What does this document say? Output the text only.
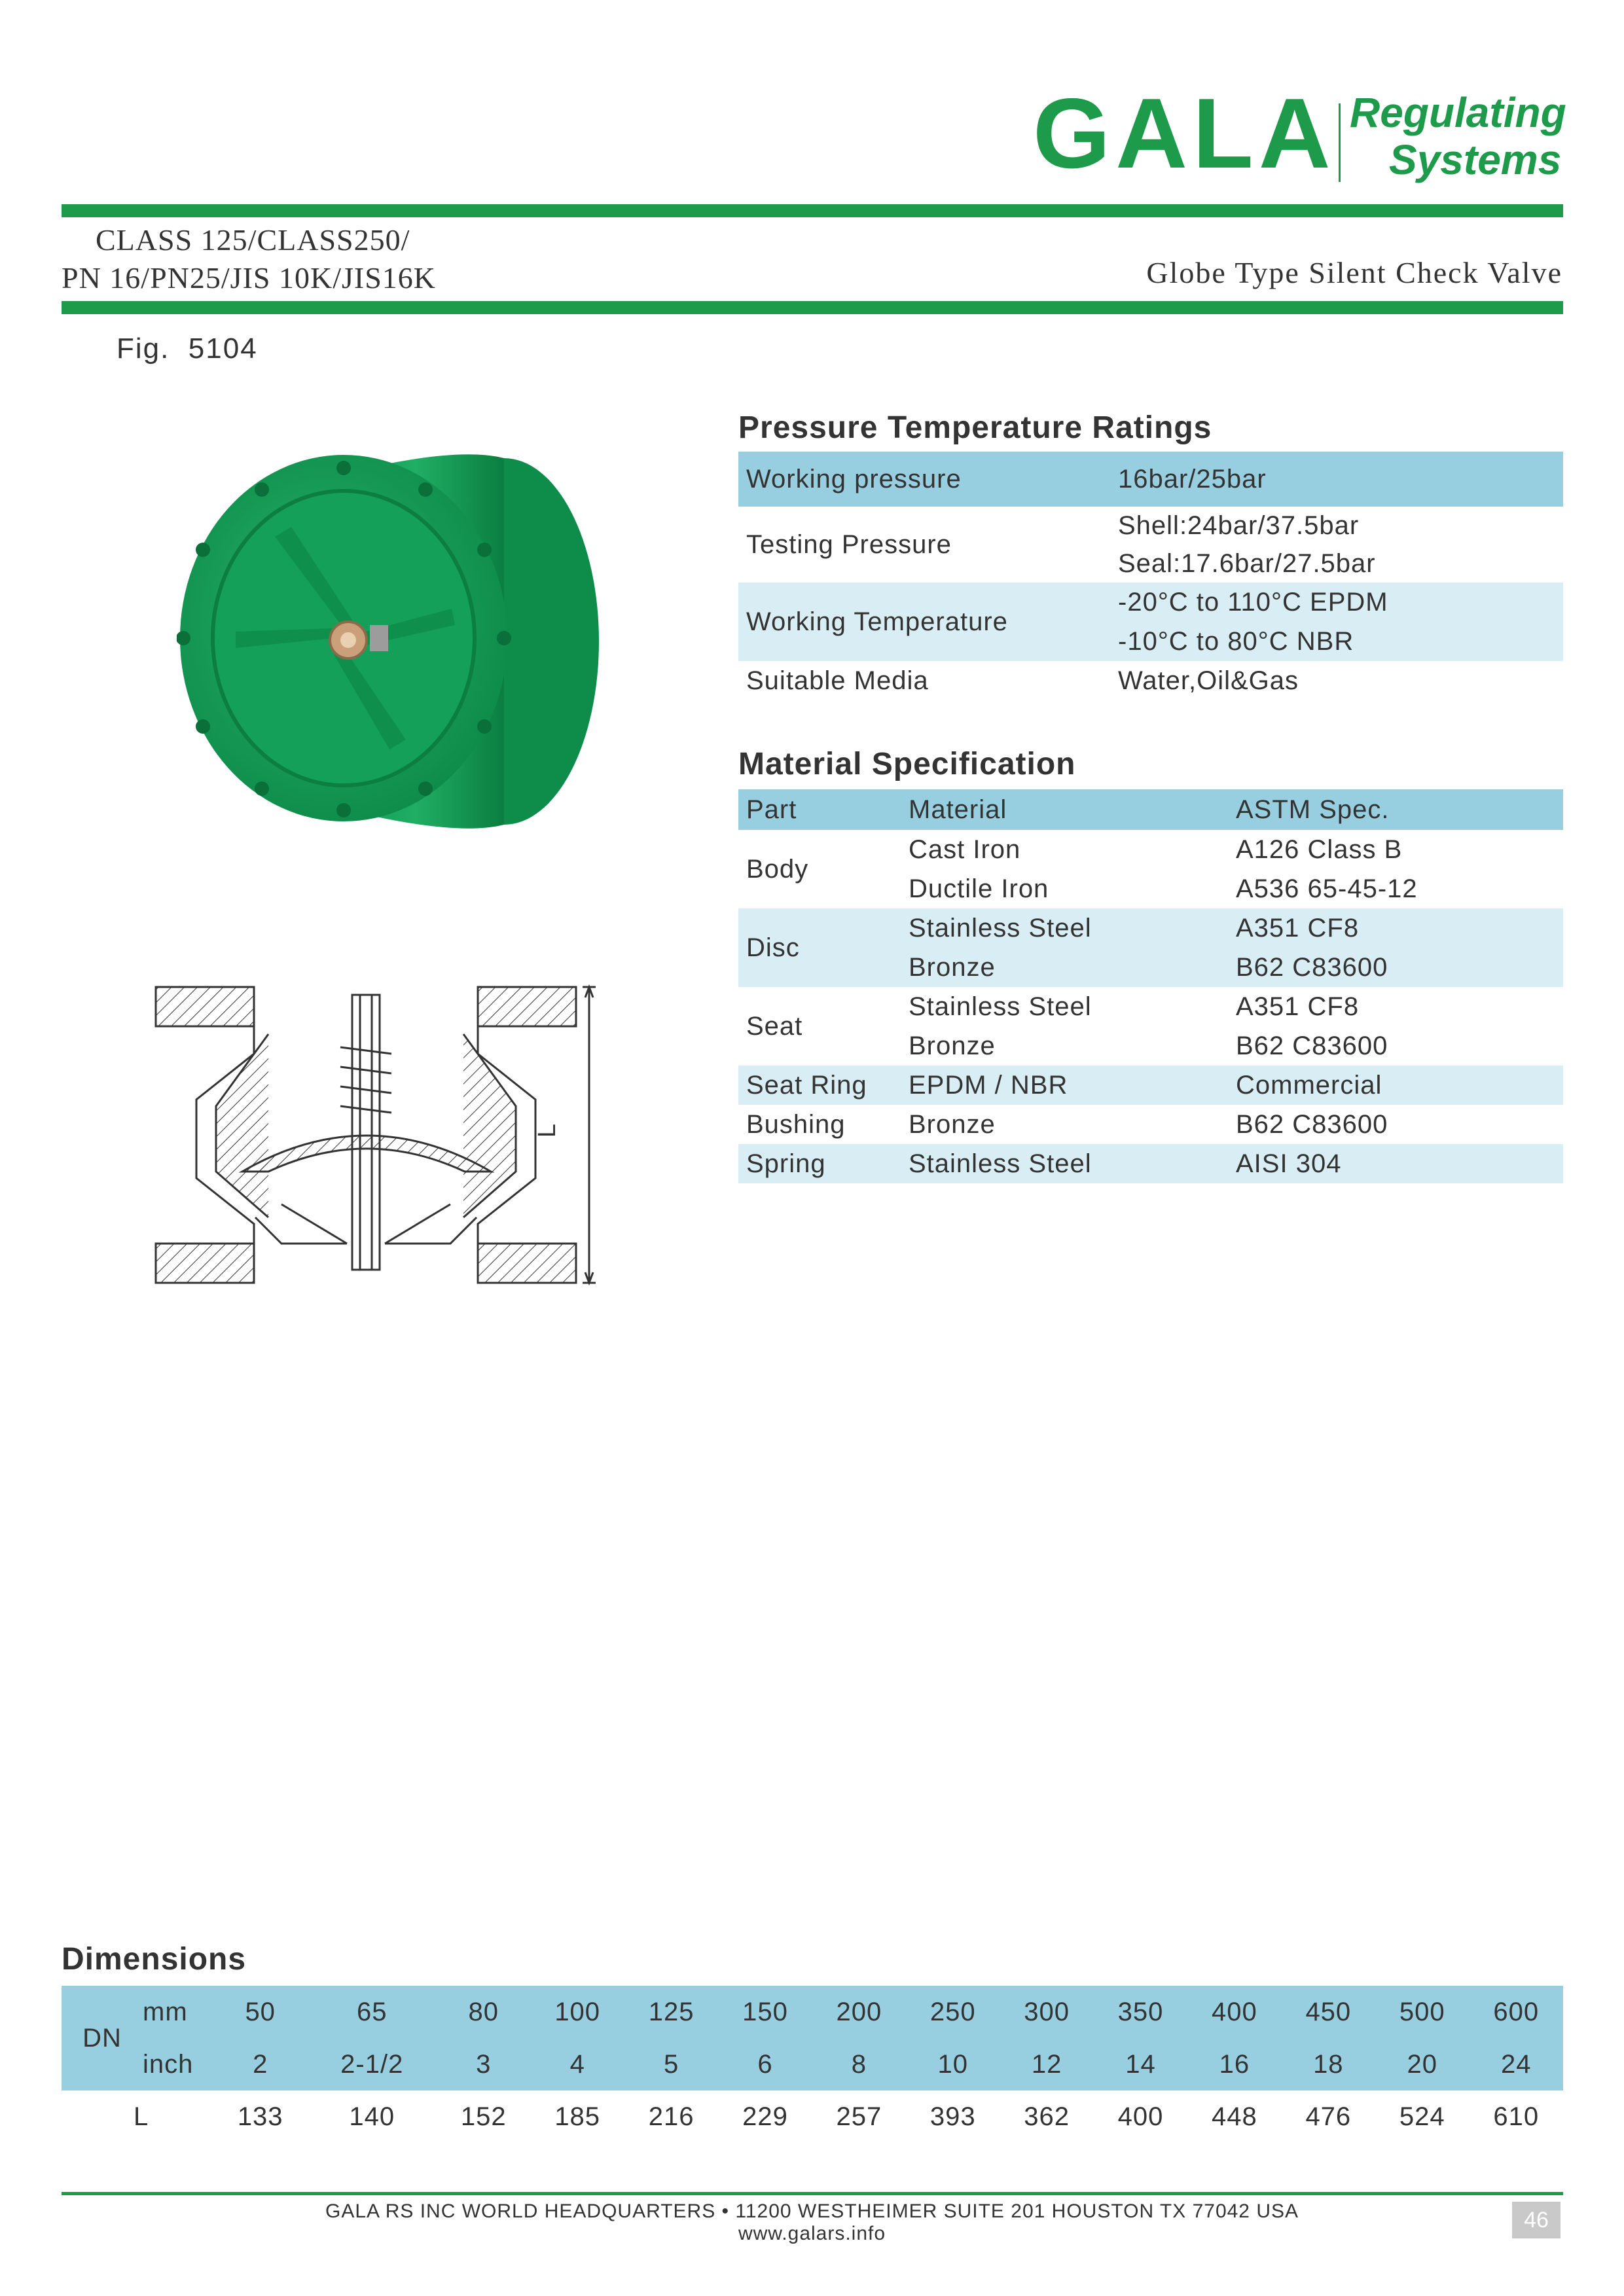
GALA Regulating
Systems
CLASS 125/CLASS250/
PN 16/PN25/JIS 10K/JIS16K	Globe Type Silent Check Valve
Fig.  5104
L
Pressure Temperature Ratings
Working pressure	16bar/25bar
Testing Pressure	Shell:24bar/37.5bar
	Seal:17.6bar/27.5bar
Working Temperature	-20°C to 110°C EPDM
	-10°C to 80°C NBR
Suitable Media	Water,Oil&Gas
Material Specification
Part	Material	ASTM Spec.
Body	Cast Iron	A126 Class B
	Ductile Iron	A536 65-45-12
Disc	Stainless Steel	A351 CF8
	Bronze	B62 C83600
Seat	Stainless Steel	A351 CF8
	Bronze	B62 C83600
Seat Ring	EPDM / NBR	Commercial
Bushing	Bronze	B62 C83600
Spring	Stainless Steel	AISI 304
Dimensions
DN	mm	50	65	80	100	125	150	200	250	300	350	400	450	500	600
	inch	2	2-1/2	3	4	5	6	8	10	12	14	16	18	20	24
L		133	140	152	185	216	229	257	393	362	400	448	476	524	610
GALA RS INC WORLD HEADQUARTERS • 11200 WESTHEIMER SUITE 201 HOUSTON TX 77042 USA
www.galars.info
46
